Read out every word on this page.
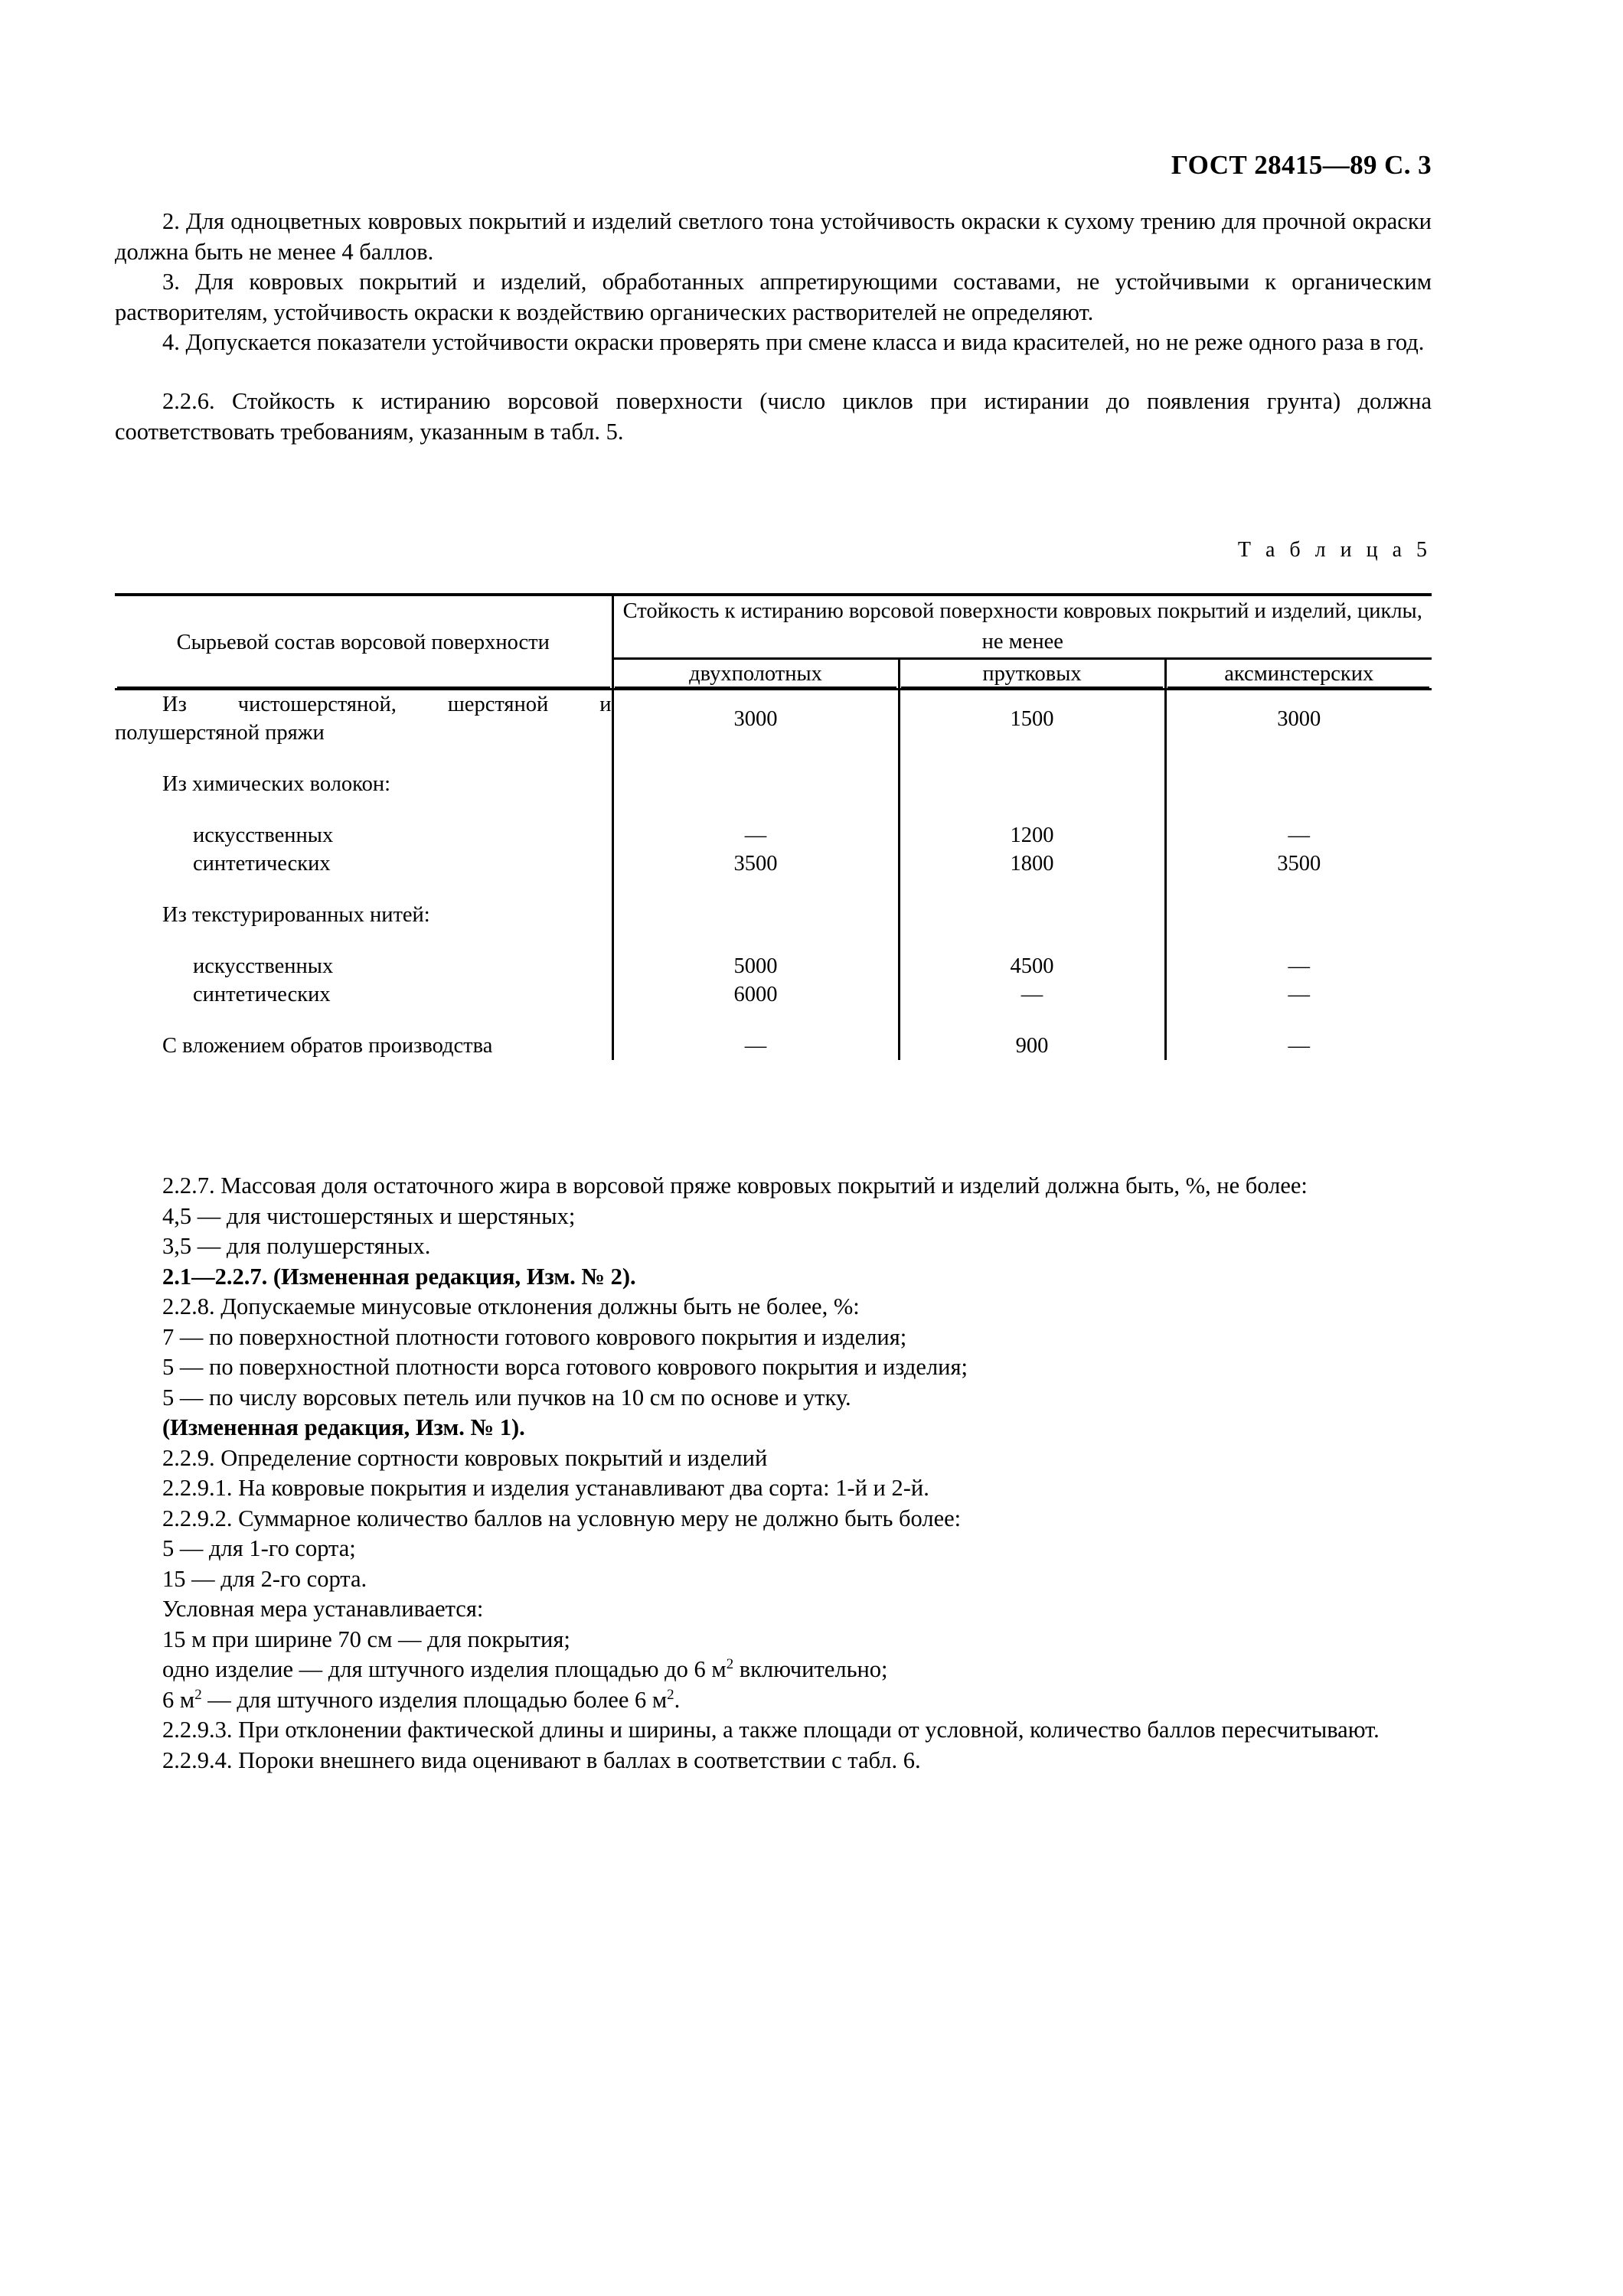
ГОСТ 28415—89 С. 3

2. Для одноцветных ковровых покрытий и изделий светлого тона устойчивость окраски к сухому трению для прочной окраски должна быть не менее 4 баллов.

3. Для ковровых покрытий и изделий, обработанных аппретирующими составами, не устойчивыми к органическим растворителям, устойчивость окраски к воздействию органических растворителей не определяют.

4. Допускается показатели устойчивости окраски проверять при смене класса и вида красителей, но не реже одного раза в год.

2.2.6. Стойкость к истиранию ворсовой поверхности (число циклов при истирании до появления грунта) должна соответствовать требованиям, указанным в табл. 5.

Т а б л и ц а 5
Сырьевой состав ворсовой поверхности	Стойкость к истиранию ворсовой поверхности ковровых покрытий и изделий, циклы, не менее		
	двухполотных	прутковых	аксминстерских

Из чистошерстяной, шерстяной и полушерстяной пряжи	3000	1500	3000

Из химических волокон:			

искусственных	—	1200	—

синтетических	3500	1800	3500

Из текстурированных нитей:			

искусственных	5000	4500	—

синтетических	6000	—	—

С вложением обратов производства	—	900	—

2.2.7. Массовая доля остаточного жира в ворсовой пряже ковровых покрытий и изделий должна быть, %, не более:

4,5 — для чистошерстяных и шерстяных;

3,5 — для полушерстяных.

2.1—2.2.7. (Измененная редакция, Изм. № 2).

2.2.8. Допускаемые минусовые отклонения должны быть не более, %:

7 — по поверхностной плотности готового коврового покрытия и изделия;

5 — по поверхностной плотности ворса готового коврового покрытия и изделия;

5 — по числу ворсовых петель или пучков на 10 см по основе и утку.

(Измененная редакция, Изм. № 1).

2.2.9. Определение сортности ковровых покрытий и изделий

2.2.9.1. На ковровые покрытия и изделия устанавливают два сорта: 1-й и 2-й.

2.2.9.2. Суммарное количество баллов на условную меру не должно быть более:

5 — для 1-го сорта;

15 — для 2-го сорта.

Условная мера устанавливается:

15 м при ширине 70 см — для покрытия;

одно изделие — для штучного изделия площадью до 6 $м^2$ включительно;

6 $м^2$ — для штучного изделия площадью более 6 $м^2$.

2.2.9.3. При отклонении фактической длины и ширины, а также площади от условной, количество баллов пересчитывают.

2.2.9.4. Пороки внешнего вида оценивают в баллах в соответствии с табл. 6.
